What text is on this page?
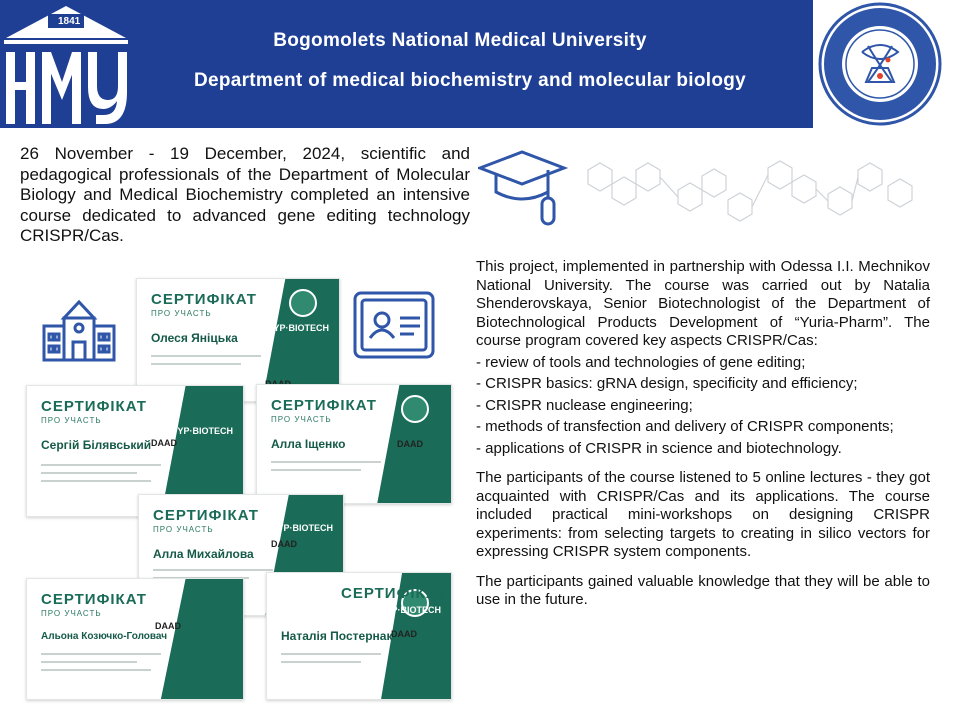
1841
Bogomolets National Medical University
Department of medical biochemistry and molecular biology
26 November - 19 December, 2024, scientific and pedagogical professionals of the Department of Molecular Biology and Medical Biochemistry completed an intensive course dedicated to advanced gene editing technology CRISPR/Cas.
СЕРТИФІКАТ
ПРО УЧАСТЬ
Олеся Яніцька
YP·BIOTECH
СЕРТИФІКАТ
ПРО УЧАСТЬ
Сергій Білявський
YP·BIOTECH
DAAD
СЕРТИФІКАТ
ПРО УЧАСТЬ
Алла Іщенко	DAAD
СЕРТИФІКАТ
ПРО УЧАСТЬ
Алла Михайлова
YP·BIOTECH
DAAD
СЕРТИФІКАТ
ПРО УЧАСТЬ
Альона Козючко-Головач
DAAD
СЕРТИФІКАТ
Наталія Постернак
YP·BIOTECH
DAAD

This project, implemented in partnership with Odessa I.I. Mechnikov National University. The course was carried out by Natalia Shenderovskaya, Senior Biotechnologist of the Department of Biotechnological Products Development of “Yuria-Pharm”. The course program covered key aspects CRISPR/Cas:

- review of tools and technologies of gene editing;

- CRISPR basics: gRNA design, specificity and efficiency;

- CRISPR nuclease engineering;

- methods of transfection and delivery of CRISPR components;

- applications of CRISPR in science and biotechnology.

The participants of the course listened to 5 online lectures - they got acquainted with CRISPR/Cas and its applications. The course included practical mini-workshops on designing CRISPR experiments: from selecting targets to creating in silico vectors for expressing CRISPR system components.

The participants gained valuable knowledge that they will be able to use in the future.
